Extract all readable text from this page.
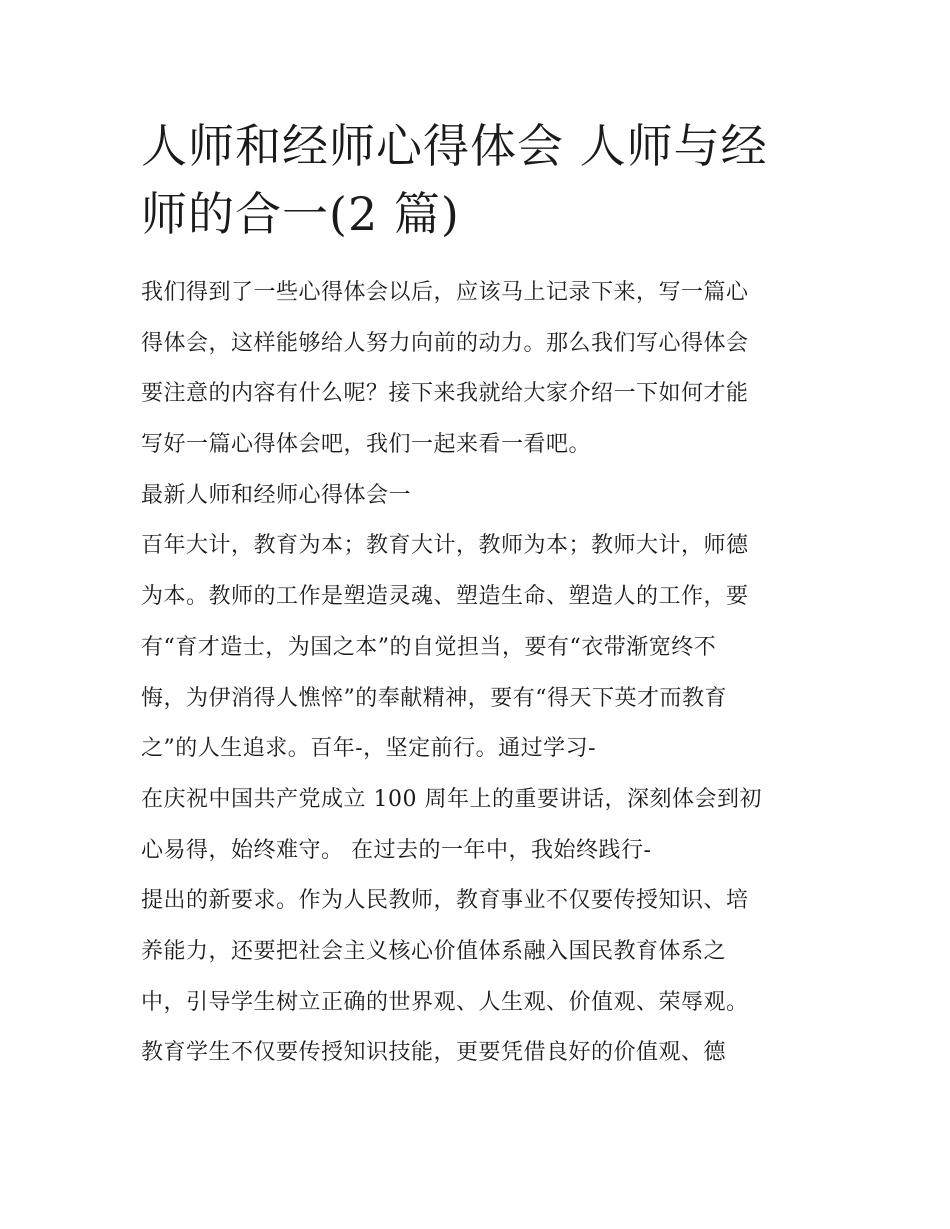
人师和经师心得体会 人师与经
师的合一(2 篇)
我们得到了一些心得体会以后，应该马上记录下来，写一篇心
得体会，这样能够给人努力向前的动力。那么我们写心得体会
要注意的内容有什么呢？接下来我就给大家介绍一下如何才能
写好一篇心得体会吧，我们一起来看一看吧。
最新人师和经师心得体会一
百年大计，教育为本；教育大计，教师为本；教师大计，师德
为本。教师的工作是塑造灵魂、塑造生命、塑造人的工作，要
有“育才造士，为国之本”的自觉担当，要有“衣带渐宽终不
悔，为伊消得人憔悴”的奉献精神，要有“得天下英才而教育
之”的人生追求。百年-，坚定前行。通过学习-
在庆祝中国共产党成立 100 周年上的重要讲话，深刻体会到初
心易得，始终难守。 在过去的一年中，我始终践行-
提出的新要求。作为人民教师，教育事业不仅要传授知识、培
养能力，还要把社会主义核心价值体系融入国民教育体系之
中，引导学生树立正确的世界观、人生观、价值观、荣辱观。
教育学生不仅要传授知识技能，更要凭借良好的价值观、德
